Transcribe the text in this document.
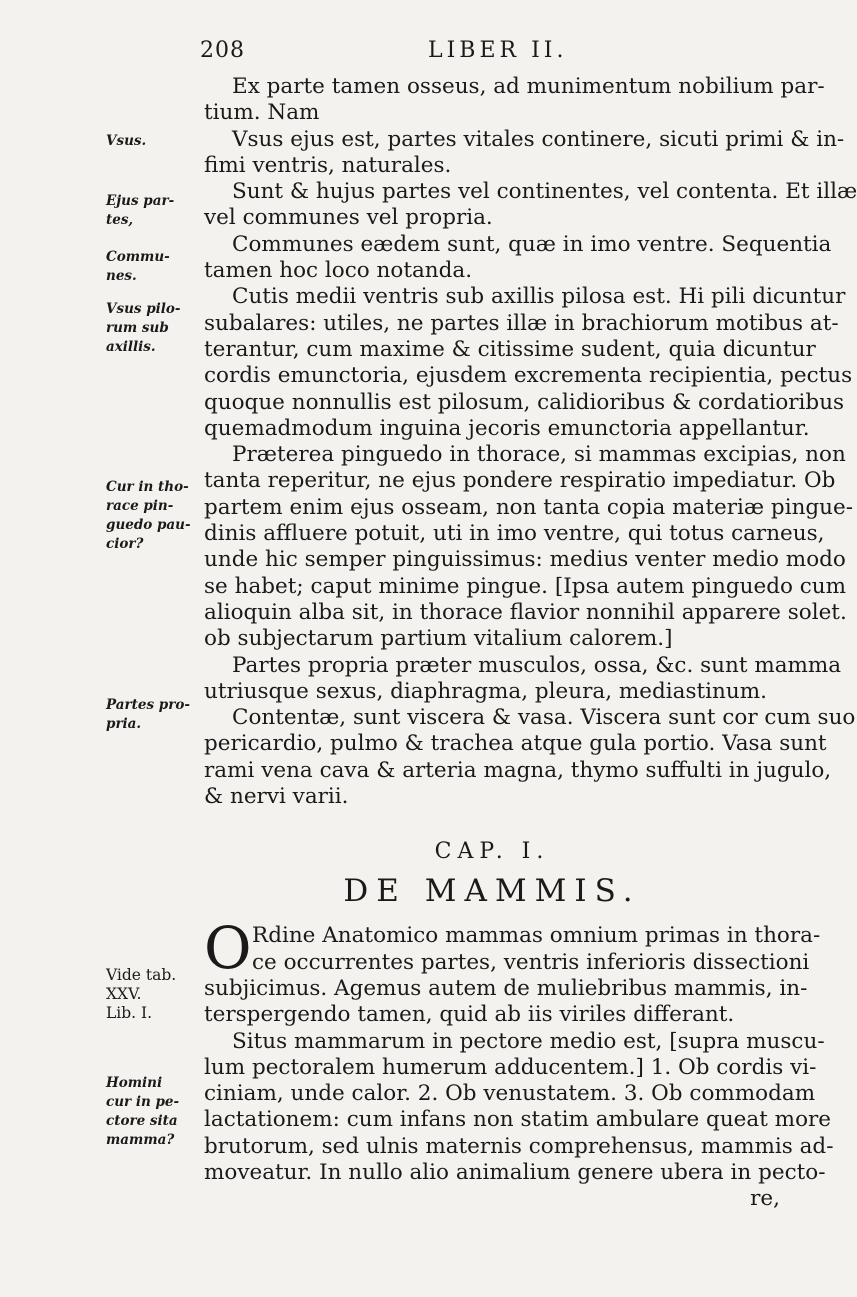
208	LIBER II.
Vsus.
Ejus par-
tes,
Commu-
nes.
Vsus pilo-
rum sub
axillis.
Cur in tho-
race pin-
guedo pau-
cior?
Partes pro-
pria.
Vide tab.
XXV.
Lib. I.
Homini
cur in pe-
ctore sita
mamma?
Ex parte tamen osseus, ad munimentum nobilium par-
tium. Nam
Vsus ejus est, partes vitales continere, sicuti primi & in-
fimi ventris, naturales.
Sunt & hujus partes vel continentes, vel contenta. Et illæ
vel communes vel propria.
Communes eædem sunt, quæ in imo ventre. Sequentia
tamen hoc loco notanda.
Cutis medii ventris sub axillis pilosa est. Hi pili dicuntur
subalares: utiles, ne partes illæ in brachiorum motibus at-
terantur, cum maxime & citissime sudent, quia dicuntur
cordis emunctoria, ejusdem excrementa recipientia, pectus
quoque nonnullis est pilosum, calidioribus & cordatioribus
quemadmodum inguina jecoris emunctoria appellantur.
Præterea pinguedo in thorace, si mammas excipias, non
tanta reperitur, ne ejus pondere respiratio impediatur. Ob
partem enim ejus osseam, non tanta copia materiæ pingue-
dinis affluere potuit, uti in imo ventre, qui totus carneus,
unde hic semper pinguissimus: medius venter medio modo
se habet; caput minime pingue. [Ipsa autem pinguedo cum
alioquin alba sit, in thorace flavior nonnihil apparere solet.
ob subjectarum partium vitalium calorem.]
Partes propria præter musculos, ossa, &c. sunt mamma
utriusque sexus, diaphragma, pleura, mediastinum.
Contentæ, sunt viscera & vasa. Viscera sunt cor cum suo
pericardio, pulmo & trachea atque gula portio. Vasa sunt
rami vena cava & arteria magna, thymo suffulti in jugulo,
& nervi varii.
CAP. I.
DE MAMMIS.
O Rdine Anatomico mammas omnium primas in thora-
ce occurrentes partes, ventris inferioris dissectioni
subjicimus. Agemus autem de muliebribus mammis, in-
terspergendo tamen, quid ab iis viriles differant.
Situs mammarum in pectore medio est, [supra muscu-
lum pectoralem humerum adducentem.] 1. Ob cordis vi-
ciniam, unde calor. 2. Ob venustatem. 3. Ob commodam
lactationem: cum infans non statim ambulare queat more
brutorum, sed ulnis maternis comprehensus, mammis ad-
moveatur. In nullo alio animalium genere ubera in pecto-
re,
